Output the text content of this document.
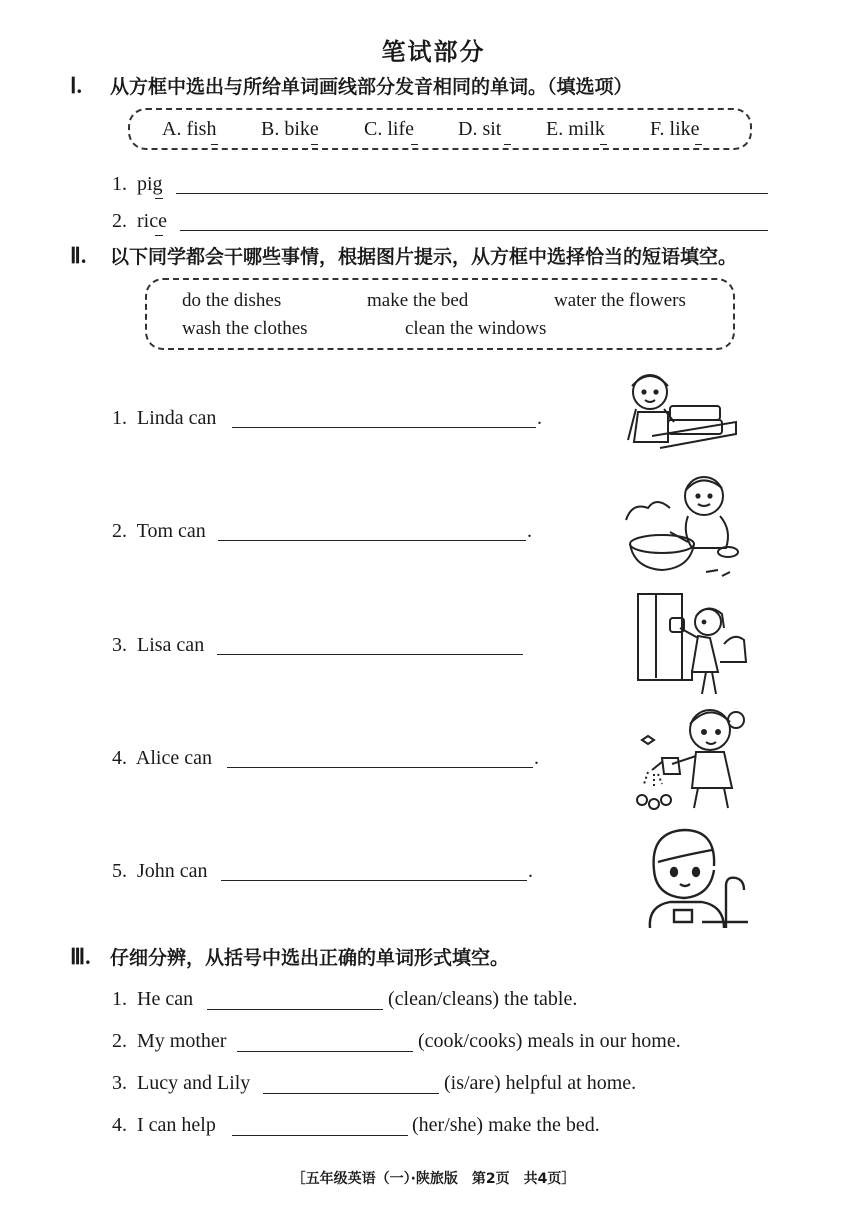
笔试部分
Ⅰ. 从方框中选出与所给单词画线部分发音相同的单词。（填选项）
A. fish B. bike C. life D. sit E. milk F. like
1. pig
2. rice
Ⅱ. 以下同学都会干哪些事情，根据图片提示，从方框中选择恰当的短语填空。
do the dishes	make the bed	water the flowers
wash the clothes	clean the windows
1. Linda can	.
2. Tom can	.
3. Lisa can
4. Alice can	.
5. John can	.
Ⅲ. 仔细分辨，从括号中选出正确的单词形式填空。
1. He can	(clean/cleans) the table.
2. My mother	(cook/cooks) meals in our home.
3. Lucy and Lily	(is/are) helpful at home.
4. I can help	(her/she) make the bed.
［五年级英语（一）·陕旅版　第2页　共4页］
